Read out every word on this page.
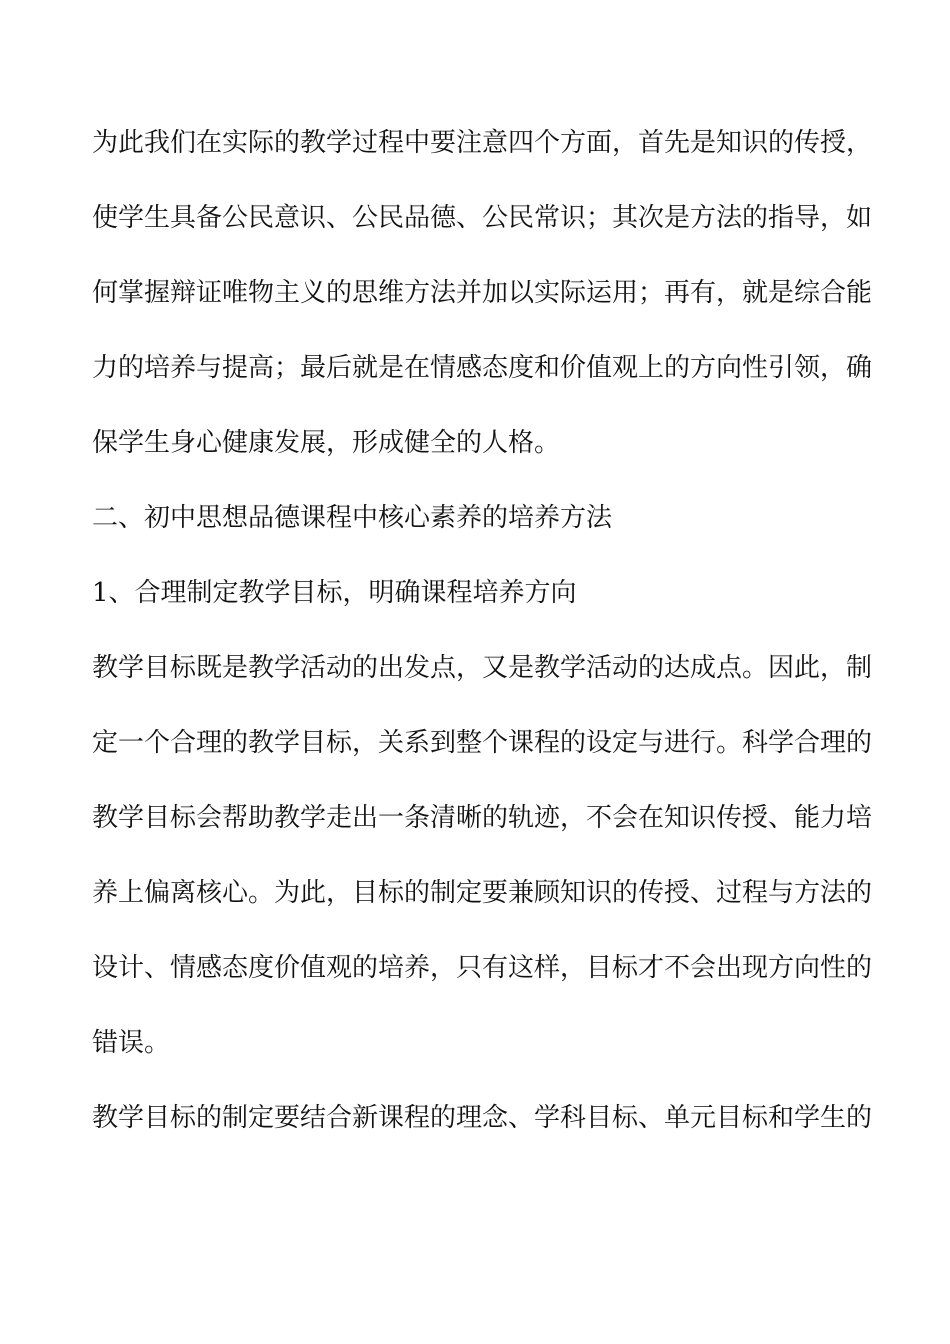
为此我们在实际的教学过程中要注意四个方面，首先是知识的传授，
使学生具备公民意识、公民品德、公民常识；其次是方法的指导，如
何掌握辩证唯物主义的思维方法并加以实际运用；再有，就是综合能
力的培养与提高；最后就是在情感态度和价值观上的方向性引领，确
保学生身心健康发展，形成健全的人格。
二、初中思想品德课程中核心素养的培养方法
1、合理制定教学目标，明确课程培养方向
教学目标既是教学活动的出发点，又是教学活动的达成点。因此，制
定一个合理的教学目标，关系到整个课程的设定与进行。科学合理的
教学目标会帮助教学走出一条清晰的轨迹，不会在知识传授、能力培
养上偏离核心。为此，目标的制定要兼顾知识的传授、过程与方法的
设计、情感态度价值观的培养，只有这样，目标才不会出现方向性的
错误。
教学目标的制定要结合新课程的理念、学科目标、单元目标和学生的
